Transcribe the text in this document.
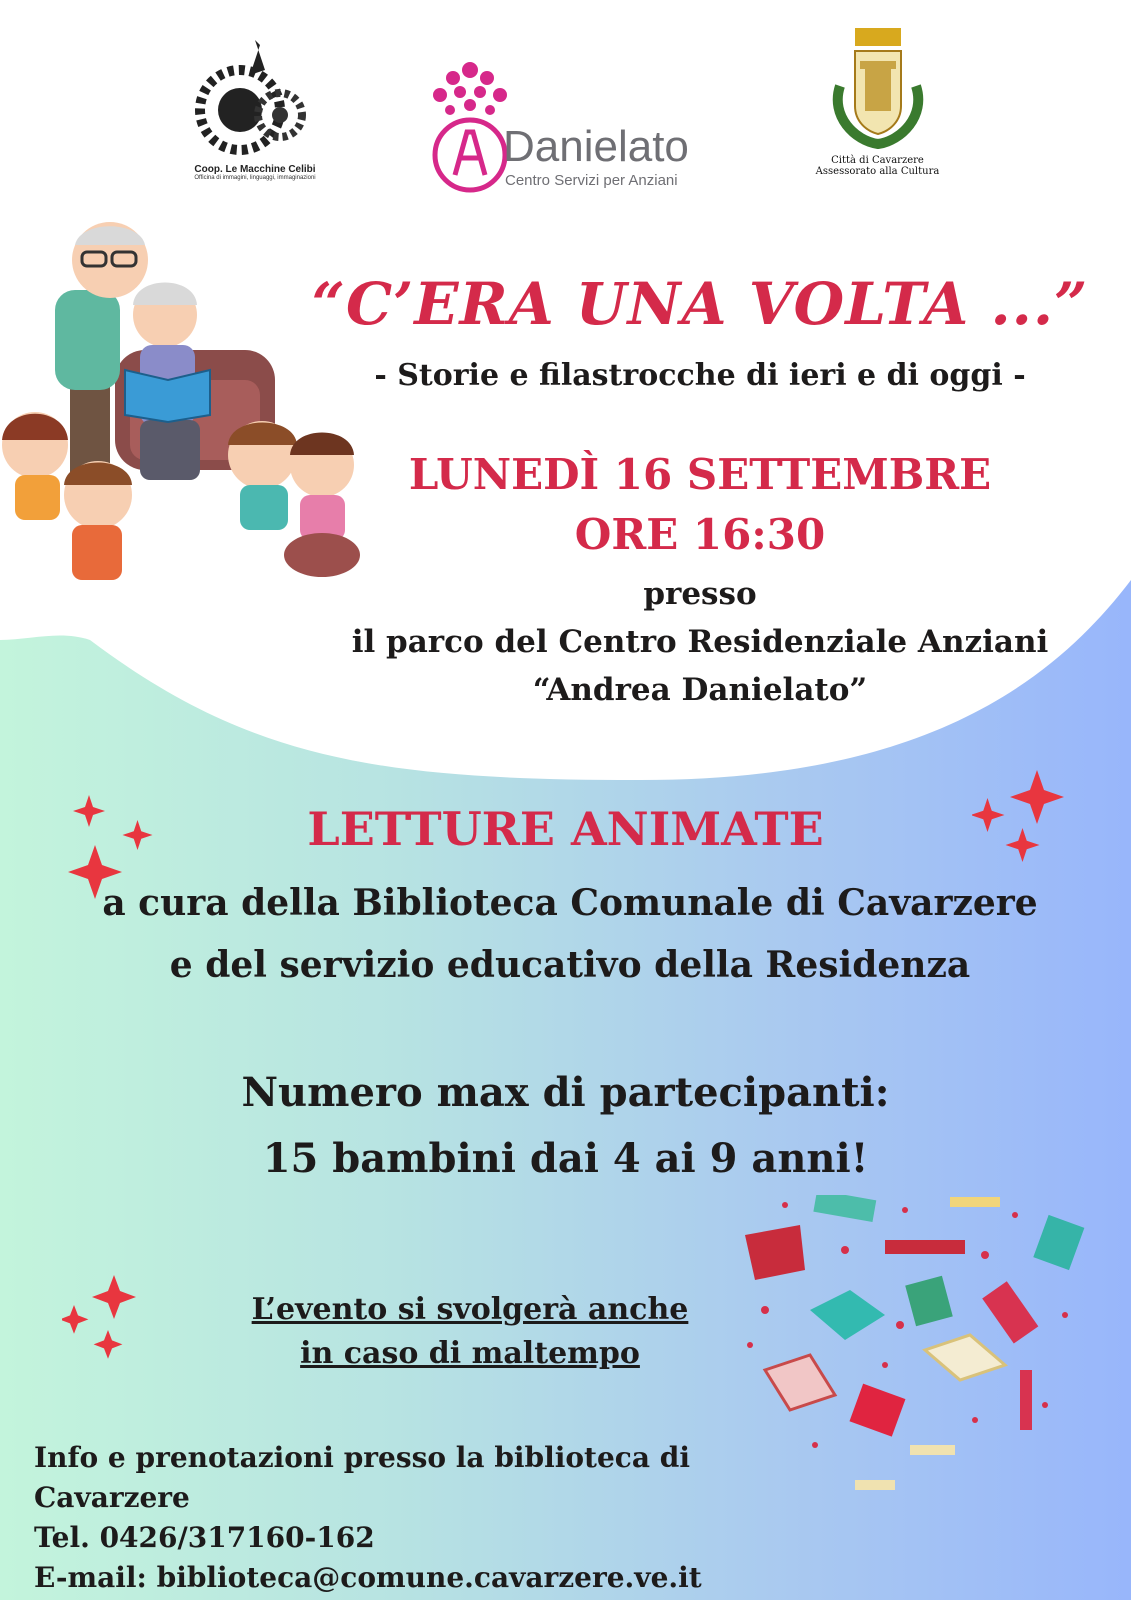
Coop. Le Macchine Celibi
Officina di immagini, linguaggi, immaginazioni
Danielato
Centro Servizi per Anziani
Città di Cavarzere
Assessorato alla Cultura
“C’ERA UNA VOLTA ...”
- Storie e filastrocche di ieri e di oggi -
LUNEDÌ 16 SETTEMBRE
ORE 16:30
presso
il parco del Centro Residenziale Anziani
“Andrea Danielato”
LETTURE ANIMATE
a cura della Biblioteca Comunale di Cavarzere
e del servizio educativo della Residenza
Numero max di partecipanti:
15 bambini dai 4 ai 9 anni!
L’evento si svolgerà anche
in caso di maltempo
Info e prenotazioni presso la biblioteca di Cavarzere
Tel. 0426/317160-162
E-mail: biblioteca@comune.cavarzere.ve.it
